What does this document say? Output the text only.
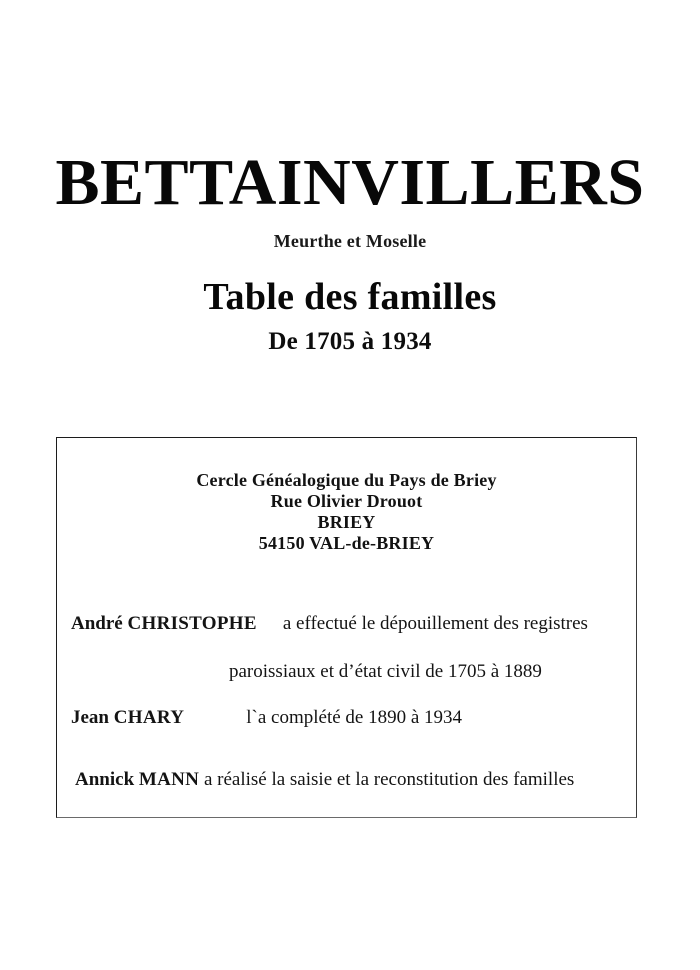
BETTAINVILLERS
Meurthe et Moselle
Table des familles
De 1705 à 1934
Cercle Généalogique du Pays de Briey
Rue Olivier Drouot
BRIEY
54150 VAL-de-BRIEY
André CHRISTOPHE a effectué le dépouillement des registres
paroissiaux et d’état civil de 1705 à 1889
Jean CHARY	l`a complété de 1890 à 1934
Annick MANN a réalisé la saisie et la reconstitution des familles
